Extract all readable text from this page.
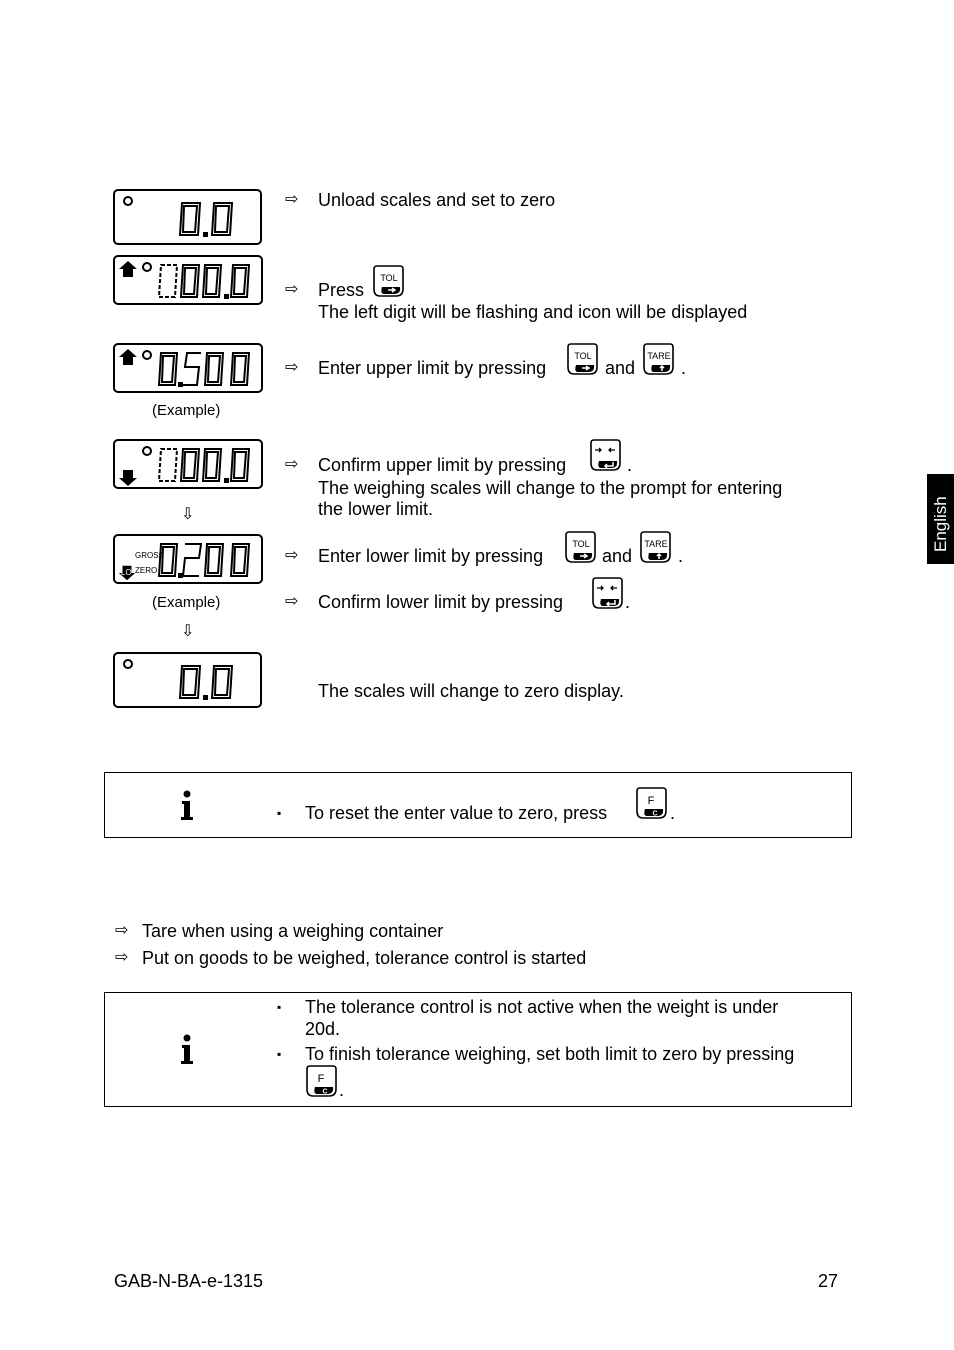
English
(Example)
⇩
GROSS
ZERO
LO
(Example)
⇩
⇨ Unload scales and set to zero
⇨ Press
TOL
The left digit will be flashing and icon will be displayed
⇨ Enter upper limit by pressing
TOL
and
TARE
.
⇨ Confirm upper limit by pressing	.
The weighing scales will change to the prompt for entering
the lower limit.
⇨ Enter lower limit by pressing
TOL
and
TARE
.
⇨ Confirm lower limit by pressing	.
The scales will change to zero display.
▪ To reset the enter value to zero, press
F
C .
⇨ Tare when using a weighing container
⇨ Put on goods to be weighed, tolerance control is started
▪ The tolerance control is not active when the weight is under
20d.
▪ To finish tolerance weighing, set both limit to zero by pressing
F
C .
GAB-N-BA-e-1315	27
